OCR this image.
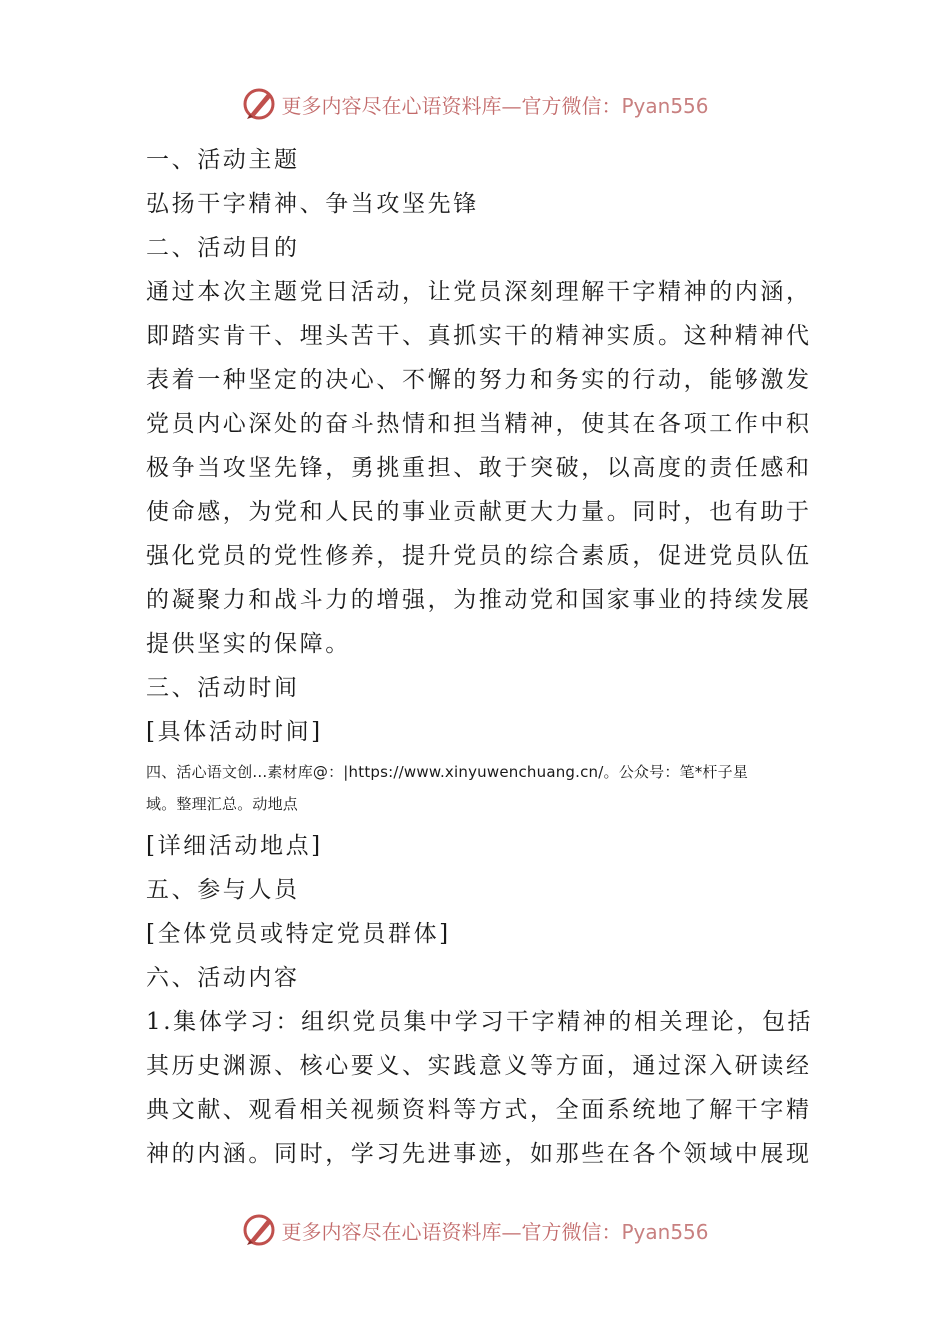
更多内容尽在心语资料库—官方微信：Pyan556
一、活动主题
弘扬干字精神、争当攻坚先锋
二、活动目的
通过本次主题党日活动，让党员深刻理解干字精神的内涵，
即踏实肯干、埋头苦干、真抓实干的精神实质。这种精神代
表着一种坚定的决心、不懈的努力和务实的行动，能够激发
党员内心深处的奋斗热情和担当精神，使其在各项工作中积
极争当攻坚先锋，勇挑重担、敢于突破，以高度的责任感和
使命感，为党和人民的事业贡献更大力量。同时，也有助于
强化党员的党性修养，提升党员的综合素质，促进党员队伍
的凝聚力和战斗力的增强，为推动党和国家事业的持续发展
提供坚实的保障。
三、活动时间
[具体活动时间]
四、活心语文创...素材库@：|https://www.xinyuwenchuang.cn/。公众号：笔*杆子星
域。整理汇总。动地点
[详细活动地点]
五、参与人员
[全体党员或特定党员群体]
六、活动内容
1.集体学习：组织党员集中学习干字精神的相关理论，包括
其历史渊源、核心要义、实践意义等方面，通过深入研读经
典文献、观看相关视频资料等方式，全面系统地了解干字精
神的内涵。同时，学习先进事迹，如那些在各个领域中展现
更多内容尽在心语资料库—官方微信：Pyan556
